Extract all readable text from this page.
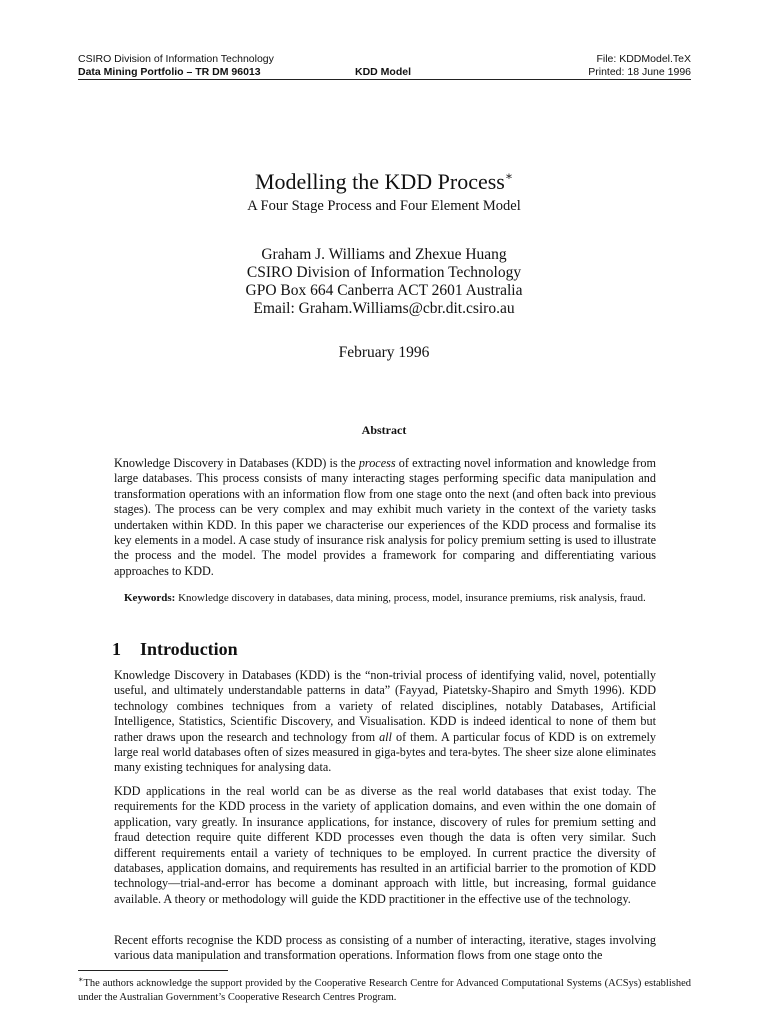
CSIRO Division of Information Technology
Data Mining Portfolio – TR DM 96013	KDD Model
File: KDDModel.TeX
Printed: 18 June 1996
Modelling the KDD Process∗
A Four Stage Process and Four Element Model
Graham J. Williams and Zhexue Huang
CSIRO Division of Information Technology
GPO Box 664 Canberra ACT 2601 Australia
Email: Graham.Williams@cbr.dit.csiro.au
February 1996
Abstract
Knowledge Discovery in Databases (KDD) is the process of extracting novel information and knowledge from large databases. This process consists of many interacting stages performing specific data manipulation and transformation operations with an information flow from one stage onto the next (and often back into previous stages). The process can be very complex and may exhibit much variety in the context of the variety tasks undertaken within KDD. In this paper we characterise our experiences of the KDD process and formalise its key elements in a model. A case study of insurance risk analysis for policy premium setting is used to illustrate the process and the model. The model provides a framework for comparing and differentiating various approaches to KDD.
Keywords: Knowledge discovery in databases, data mining, process, model, insurance premiums, risk analysis, fraud.
1 Introduction
Knowledge Discovery in Databases (KDD) is the “non-trivial process of identifying valid, novel, potentially useful, and ultimately understandable patterns in data” (Fayyad, Piatetsky-Shapiro and Smyth 1996). KDD technology combines techniques from a variety of related disciplines, notably Databases, Artificial Intelligence, Statistics, Scientific Discovery, and Visualisation. KDD is indeed identical to none of them but rather draws upon the research and technology from all of them. A particular focus of KDD is on extremely large real world databases often of sizes measured in giga-bytes and tera-bytes. The sheer size alone eliminates many existing techniques for analysing data.
KDD applications in the real world can be as diverse as the real world databases that exist today. The requirements for the KDD process in the variety of application domains, and even within the one domain of application, vary greatly. In insurance applications, for instance, discovery of rules for premium setting and fraud detection require quite different KDD processes even though the data is often very similar. Such different requirements entail a variety of techniques to be employed. In current practice the diversity of databases, application domains, and requirements has resulted in an artificial barrier to the promotion of KDD technology—trial-and-error has become a dominant approach with little, but increasing, formal guidance available. A theory or methodology will guide the KDD practitioner in the effective use of the technology.
Recent efforts recognise the KDD process as consisting of a number of interacting, iterative, stages involving various data manipulation and transformation operations. Information flows from one stage onto the
∗The authors acknowledge the support provided by the Cooperative Research Centre for Advanced Computational Systems (ACSys) established under the Australian Government’s Cooperative Research Centres Program.
